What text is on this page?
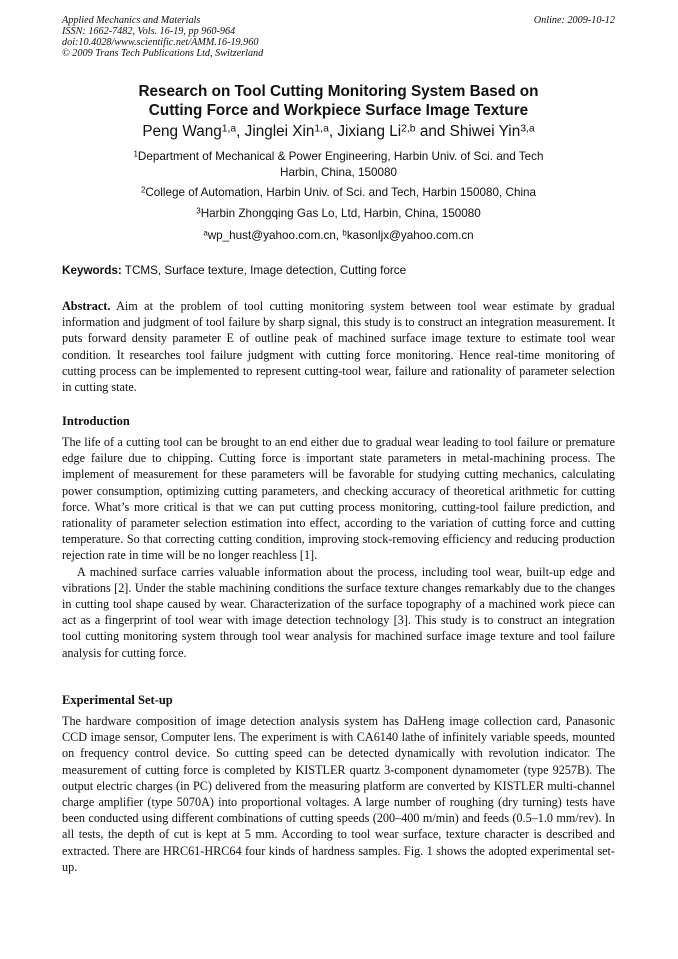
Applied Mechanics and Materials
ISSN: 1662-7482, Vols. 16-19, pp 960-964
doi:10.4028/www.scientific.net/AMM.16-19.960
© 2009 Trans Tech Publications Ltd, Switzerland
Online: 2009-10-12
Research on Tool Cutting Monitoring System Based on
Cutting Force and Workpiece Surface Image Texture
Peng Wang$^{1,a}$, Jinglei Xin$^{1,a}$, Jixiang Li$^{2,b}$ and Shiwei Yin$^{3,a}$
$^1$Department of Mechanical & Power Engineering, Harbin Univ. of Sci. and Tech
Harbin, China, 150080
$^2$College of Automation, Harbin Univ. of Sci. and Tech, Harbin 150080, China
$^3$Harbin Zhongqing Gas Lo, Ltd, Harbin, China, 150080
$^a$wp_hust@yahoo.com.cn, $^b$kasonljx@yahoo.com.cn
Keywords: TCMS, Surface texture, Image detection, Cutting force

Abstract. Aim at the problem of tool cutting monitoring system between tool wear estimate by gradual information and judgment of tool failure by sharp signal, this study is to construct an integration measurement. It puts forward density parameter E of outline peak of machined surface image texture to estimate tool wear condition. It researches tool failure judgment with cutting force monitoring. Hence real-time monitoring of cutting process can be implemented to represent cutting-tool wear, failure and rationality of parameter selection in cutting state.

Introduction

The life of a cutting tool can be brought to an end either due to gradual wear leading to tool failure or premature edge failure due to chipping. Cutting force is important state parameters in metal-machining process. The implement of measurement for these parameters will be favorable for studying cutting mechanics, calculating power consumption, optimizing cutting parameters, and checking accuracy of theoretical arithmetic for cutting force. What’s more critical is that we can put cutting process monitoring, cutting-tool failure prediction, and rationality of parameter selection estimation into effect, according to the variation of cutting force and cutting temperature. So that correcting cutting condition, improving stock-removing efficiency and reducing production rejection rate in time will be no longer reachless [1].

A machined surface carries valuable information about the process, including tool wear, built-up edge and vibrations [2]. Under the stable machining conditions the surface texture changes remarkably due to the changes in cutting tool shape caused by wear. Characterization of the surface topography of a machined work piece can act as a fingerprint of tool wear with image detection technology [3]. This study is to construct an integration tool cutting monitoring system through tool wear analysis for machined surface image texture and tool failure analysis for cutting force.

Experimental Set-up

The hardware composition of image detection analysis system has DaHeng image collection card, Panasonic CCD image sensor, Computer lens. The experiment is with CA6140 lathe of infinitely variable speeds, mounted on frequency control device. So cutting speed can be detected dynamically with revolution indicator. The measurement of cutting force is completed by KISTLER quartz 3-component dynamometer (type 9257B). The output electric charges (in PC) delivered from the measuring platform are converted by KISTLER multi-channel charge amplifier (type 5070A) into proportional voltages. A large number of roughing (dry turning) tests have been conducted using different combinations of cutting speeds (200–400 m/min) and feeds (0.5–1.0 mm/rev). In all tests, the depth of cut is kept at 5 mm. According to tool wear surface, texture character is described and extracted. There are HRC61-HRC64 four kinds of hardness samples. Fig. 1 shows the adopted experimental set-up.
